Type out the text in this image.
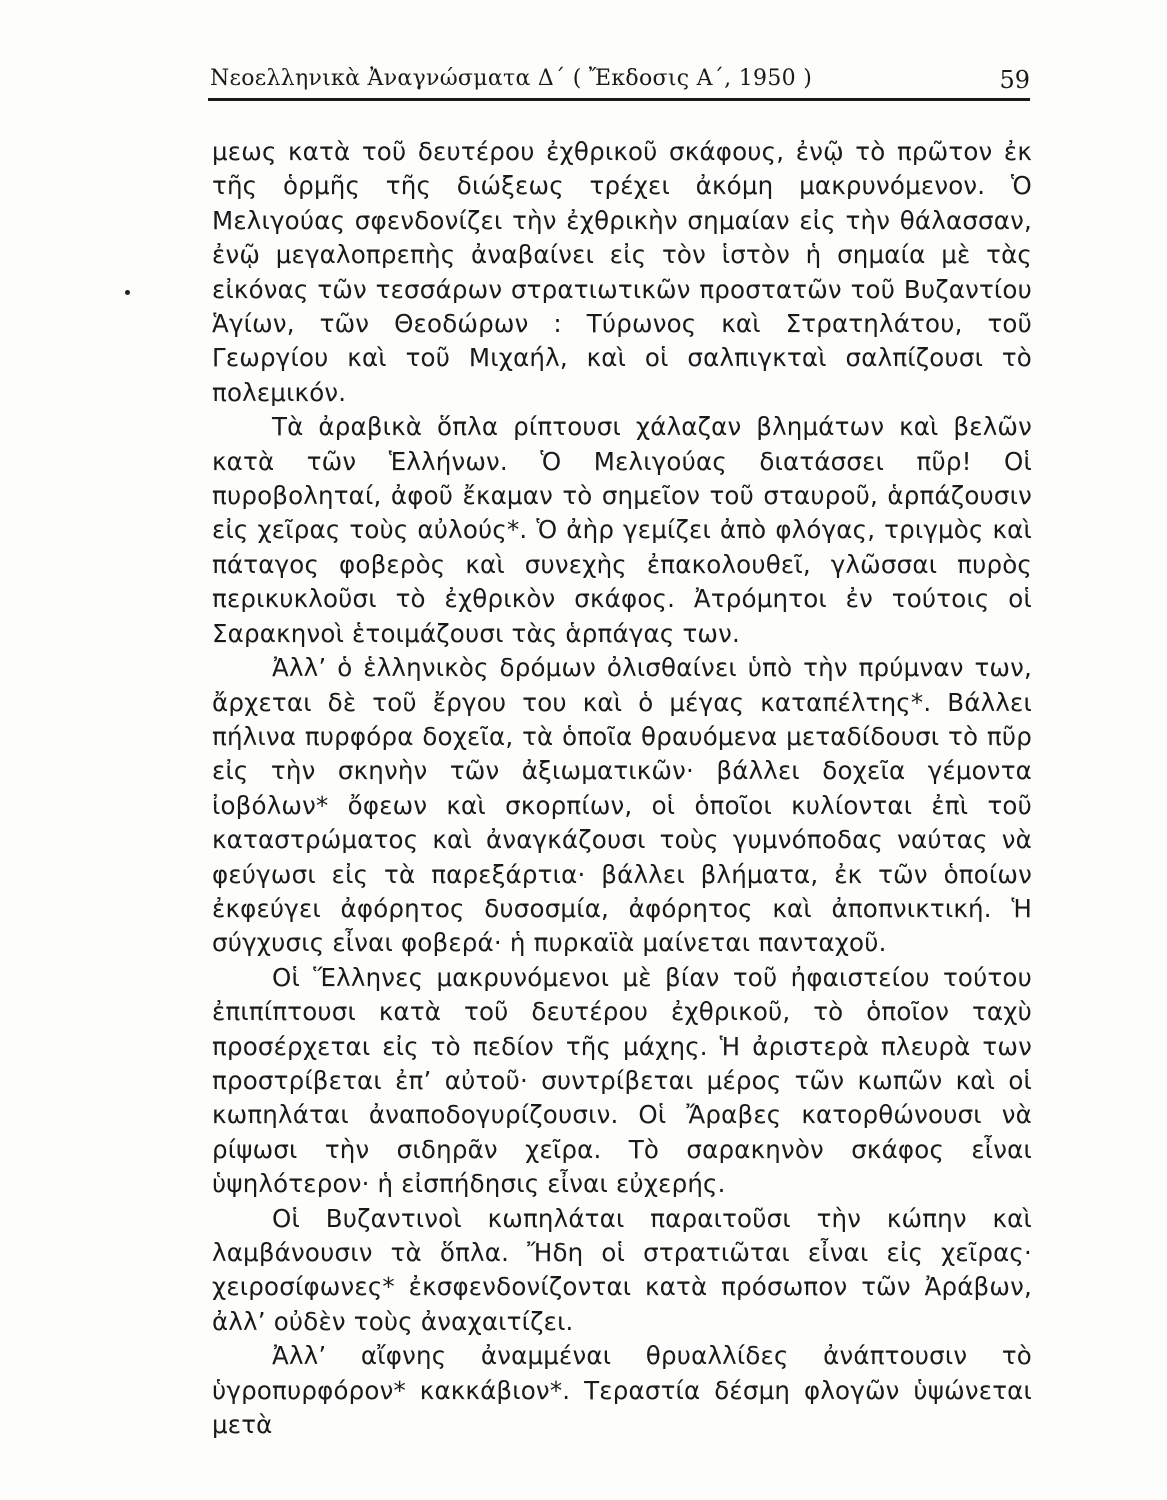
Νεοελληνικὰ Ἀναγνώσματα Δ΄ ( Ἔκδοσις Α΄, 1950 )	59

μεως κατὰ τοῦ δευτέρου ἐχθρικοῦ σκάφους, ἐνῷ τὸ πρῶτον ἐκ τῆς ὁρμῆς τῆς διώξεως τρέχει ἀκόμη μακρυνόμενον. Ὁ Μελιγούας σφενδονίζει τὴν ἐχθρικὴν σημαίαν εἰς τὴν θάλασσαν, ἐνῷ μεγαλοπρεπὴς ἀναβαίνει εἰς τὸν ἱστὸν ἡ σημαία μὲ τὰς εἰκόνας τῶν τεσσάρων στρατιωτικῶν προστατῶν τοῦ Βυζαντίου Ἁγίων, τῶν Θεοδώρων : Τύρωνος καὶ Στρατηλάτου, τοῦ Γεωργίου καὶ τοῦ Μιχαήλ, καὶ οἱ σαλπιγκταὶ σαλπίζουσι τὸ πολεμικόν.

Τὰ ἀραβικὰ ὅπλα ρίπτουσι χάλαζαν βλημάτων καὶ βελῶν κατὰ τῶν Ἑλλήνων. Ὁ Μελιγούας διατάσσει πῦρ! Οἱ πυροβοληταί, ἀφοῦ ἔκαμαν τὸ σημεῖον τοῦ σταυροῦ, ἁρπάζουσιν εἰς χεῖρας τοὺς αὐλούς*. Ὁ ἀὴρ γεμίζει ἀπὸ φλόγας, τριγμὸς καὶ πάταγος φοβερὸς καὶ συνεχὴς ἐπακολουθεῖ, γλῶσσαι πυρὸς περικυκλοῦσι τὸ ἐχθρικὸν σκάφος. Ἀτρόμητοι ἐν τούτοις οἱ Σαρακηνοὶ ἑτοιμάζουσι τὰς ἁρπάγας των.

Ἀλλ’ ὁ ἑλληνικὸς δρόμων ὀλισθαίνει ὑπὸ τὴν πρύμναν των, ἄρχεται δὲ τοῦ ἔργου του καὶ ὁ μέγας καταπέλτης*. Βάλλει πήλινα πυρφόρα δοχεῖα, τὰ ὁποῖα θραυόμενα μεταδίδουσι τὸ πῦρ εἰς τὴν σκηνὴν τῶν ἀξιωματικῶν· βάλλει δοχεῖα γέμοντα ἰοβόλων* ὄφεων καὶ σκορπίων, οἱ ὁποῖοι κυλίονται ἐπὶ τοῦ καταστρώματος καὶ ἀναγκάζουσι τοὺς γυμνόποδας ναύτας νὰ φεύγωσι εἰς τὰ παρεξάρτια· βάλλει βλήματα, ἐκ τῶν ὁποίων ἐκφεύγει ἀφόρητος δυσοσμία, ἀφόρητος καὶ ἀποπνικτική. Ἡ σύγχυσις εἶναι φοβερά· ἡ πυρκαϊὰ μαίνεται πανταχοῦ.

Οἱ Ἕλληνες μακρυνόμενοι μὲ βίαν τοῦ ἠφαιστείου τούτου ἐπιπίπτουσι κατὰ τοῦ δευτέρου ἐχθρικοῦ, τὸ ὁποῖον ταχὺ προσέρχεται εἰς τὸ πεδίον τῆς μάχης. Ἡ ἀριστερὰ πλευρὰ των προστρίβεται ἐπ’ αὐτοῦ· συντρίβεται μέρος τῶν κωπῶν καὶ οἱ κωπηλάται ἀναποδογυρίζουσιν. Οἱ Ἄραβες κατορθώνουσι νὰ ρίψωσι τὴν σιδηρᾶν χεῖρα. Τὸ σαρακηνὸν σκάφος εἶναι ὑψηλότερον· ἡ εἰσπήδησις εἶναι εὐχερής.

Οἱ Βυζαντινοὶ κωπηλάται παραιτοῦσι τὴν κώπην καὶ λαμβάνουσιν τὰ ὅπλα. Ἤδη οἱ στρατιῶται εἶναι εἰς χεῖρας· χειροσίφωνες* ἐκσφενδονίζονται κατὰ πρόσωπον τῶν Ἀράβων, ἀλλ’ οὐδὲν τοὺς ἀναχαιτίζει.

Ἀλλ’ αἴφνης ἀναμμέναι θρυαλλίδες ἀνάπτουσιν τὸ ὑγροπυρφόρον* κακκάβιον*. Τεραστία δέσμη φλογῶν ὑψώνεται μετὰ
